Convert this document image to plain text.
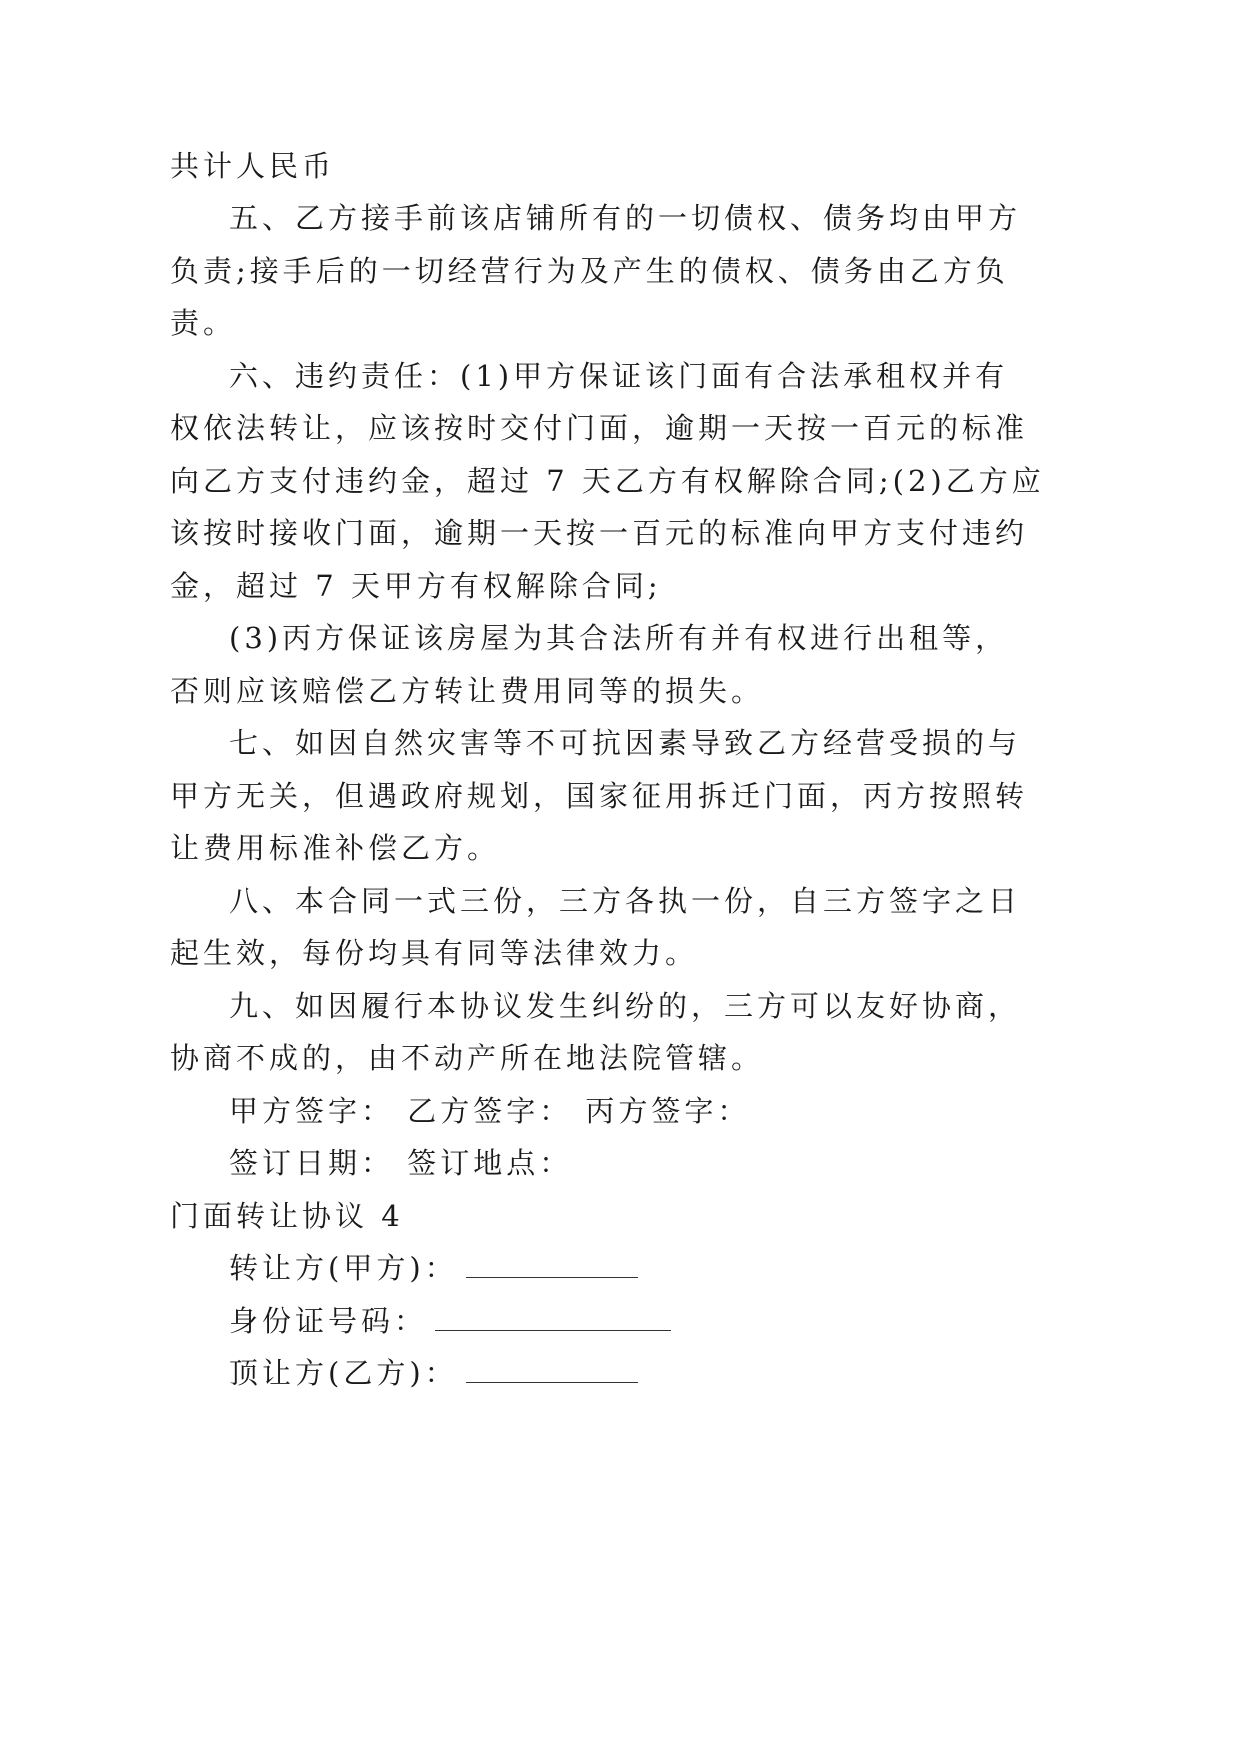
共计人民币
五、乙方接手前该店铺所有的一切债权、债务均由甲方
负责;接手后的一切经营行为及产生的债权、债务由乙方负
责。
六、违约责任：(1)甲方保证该门面有合法承租权并有
权依法转让，应该按时交付门面，逾期一天按一百元的标准
向乙方支付违约金，超过 7 天乙方有权解除合同;(2)乙方应
该按时接收门面，逾期一天按一百元的标准向甲方支付违约
金，超过 7 天甲方有权解除合同;
(3)丙方保证该房屋为其合法所有并有权进行出租等，
否则应该赔偿乙方转让费用同等的损失。
七、如因自然灾害等不可抗因素导致乙方经营受损的与
甲方无关，但遇政府规划，国家征用拆迁门面，丙方按照转
让费用标准补偿乙方。
八、本合同一式三份，三方各执一份，自三方签字之日
起生效，每份均具有同等法律效力。
九、如因履行本协议发生纠纷的，三方可以友好协商，
协商不成的，由不动产所在地法院管辖。
甲方签字： 乙方签字： 丙方签字：
签订日期： 签订地点：
门面转让协议 4
转让方(甲方)：
身份证号码：
顶让方(乙方)：
